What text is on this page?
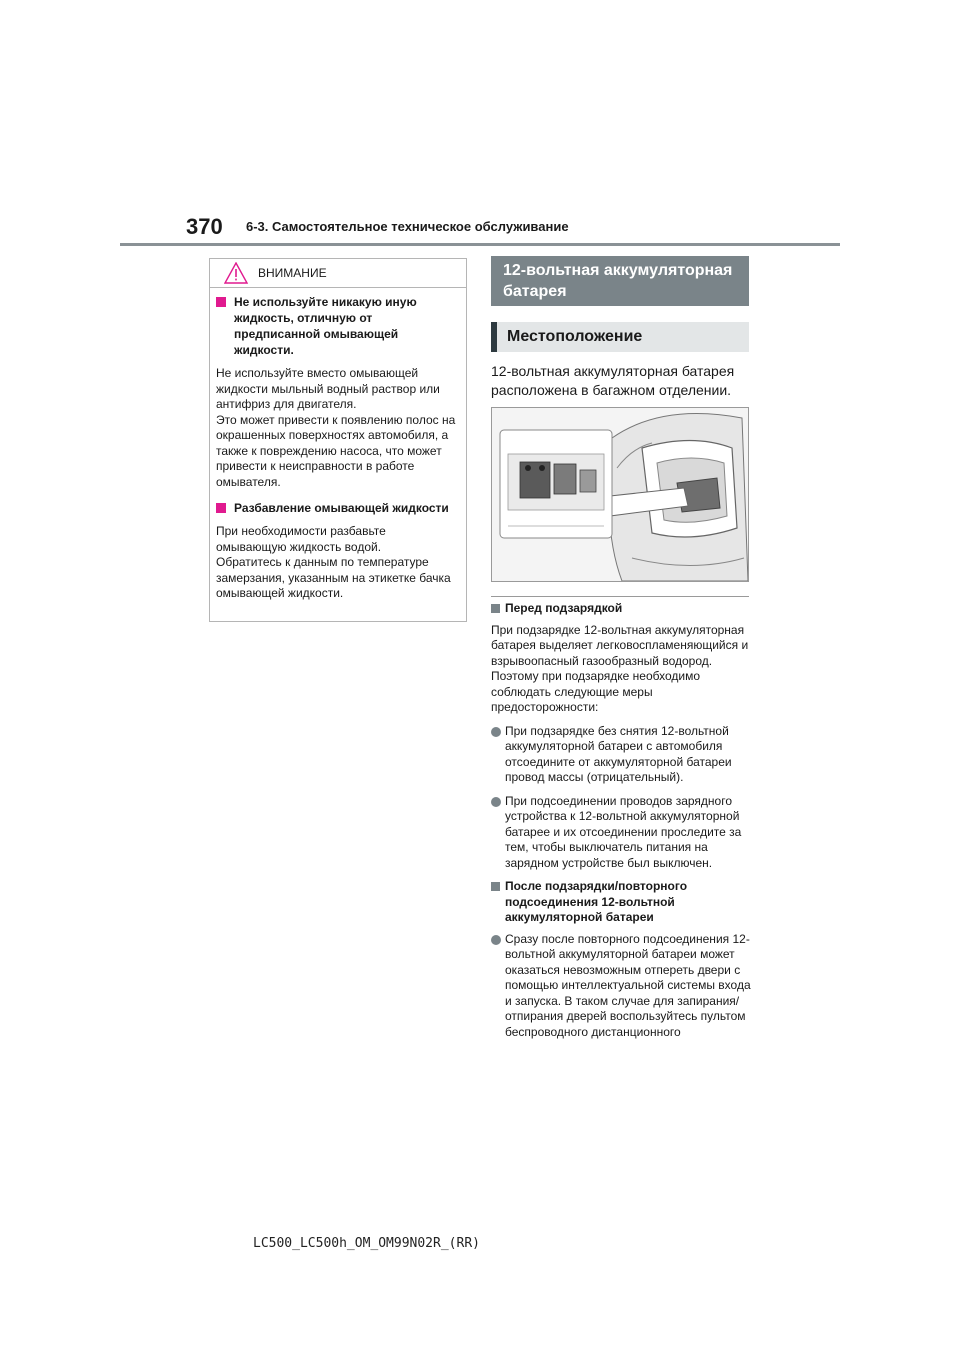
370 6-3. Самостоятельное техническое обслуживание
ВНИМАНИЕ
Не используйте никакую иную жидкость, отличную от предписанной омывающей жидкости.

Не используйте вместо омывающей жидкости мыльный водный раствор или антифриз для двигателя.
Это может привести к появлению полос на окрашенных поверхностях автомобиля, а также к повреждению насоса, что может привести к неисправности в работе омывателя.

Разбавление омывающей жидкости

При необходимости разбавьте омывающую жидкость водой.
Обратитесь к данным по температуре замерзания, указанным на этикетке бачка омывающей жидкости.

12-вольтная аккумуляторная батарея
Местоположение

12-вольтная аккумуляторная батарея расположена в багажном отделении.

Перед подзарядкой

При подзарядке 12-вольтная аккумуляторная батарея выделяет легковоспламеняющийся и взрывоопасный газообразный водород. Поэтому при подзарядке необходимо соблюдать следующие меры предосторожности:

При подзарядке без снятия 12-вольтной аккумуляторной батареи с автомобиля отсоедините от аккумуляторной батареи провод массы (отрицательный).
При подсоединении проводов зарядного устройства к 12-вольтной аккумуляторной батарее и их отсоединении проследите за тем, чтобы выключатель питания на зарядном устройстве был выключен.
После подзарядки/повторного подсоединения 12-вольтной аккумуляторной батареи
Сразу после повторного подсоединения 12-вольтной аккумуляторной батареи может оказаться невозможным отпереть двери с помощью интеллектуальной системы входа и запуска. В таком случае для запирания/отпирания дверей воспользуйтесь пультом беспроводного дистанционного
LC500_LC500h_OM_OM99N02R_(RR)
